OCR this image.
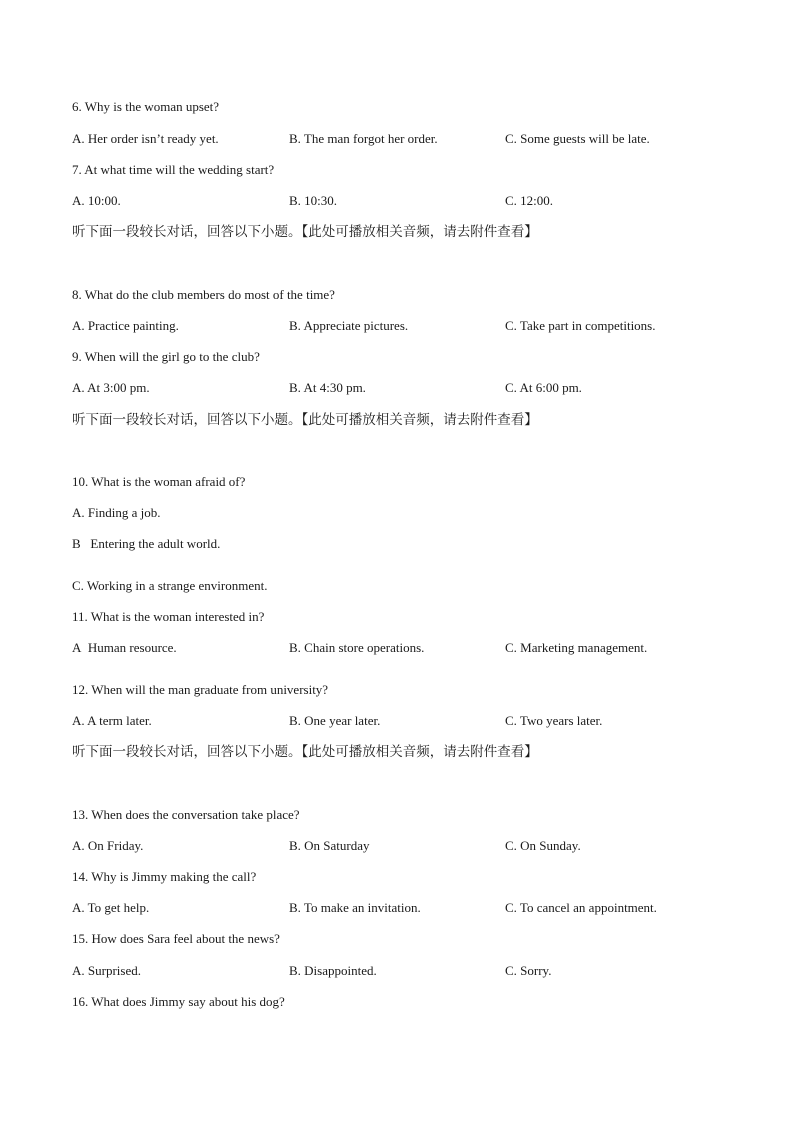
6. Why is the woman upset?
A. Her order isn’t ready yet.	B. The man forgot her order.	C. Some guests will be late.
7. At what time will the wedding start?
A. 10:00.	B. 10:30.	C. 12:00.
听下面一段较长对话，回答以下小题。【此处可播放相关音频，请去附件查看】
8. What do the club members do most of the time?
A. Practice painting.	B. Appreciate pictures.	C. Take part in competitions.
9. When will the girl go to the club?
A. At 3:00 pm.	B. At 4:30 pm.	C. At 6:00 pm.
听下面一段较长对话，回答以下小题。【此处可播放相关音频，请去附件查看】
10. What is the woman afraid of?
A. Finding a job.
B   Entering the adult world.
C. Working in a strange environment.
11. What is the woman interested in?
A  Human resource.	B. Chain store operations.	C. Marketing management.
12. When will the man graduate from university?
A. A term later.	B. One year later.	C. Two years later.
听下面一段较长对话，回答以下小题。【此处可播放相关音频，请去附件查看】
13. When does the conversation take place?
A. On Friday.	B. On Saturday	C. On Sunday.
14. Why is Jimmy making the call?
A. To get help.	B. To make an invitation.	C. To cancel an appointment.
15. How does Sara feel about the news?
A. Surprised.	B. Disappointed.	C. Sorry.
16. What does Jimmy say about his dog?
